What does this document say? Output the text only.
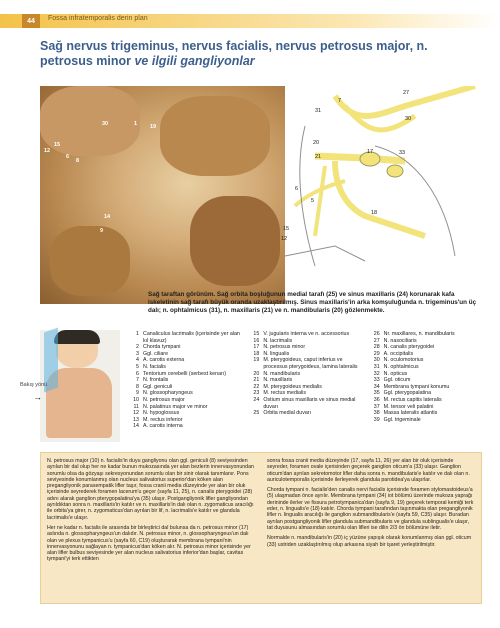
44	Fossa infratemporalis derin plan
Sağ nervus trigeminus, nervus facialis, nervus petrosus major, n. petrosus minor ve ilgili gangliyonlar
30	1 19
12
15
6
8
14
9
7
31
27
30
20
17	33
21
6
5
18
15
12
Sağ taraftan görünüm. Sağ orbita boşluğunun medial tarafı (25) ve sinus maxillaris (24) korunarak kafa iskeletinin sağ tarafı büyük oranda uzaklaştırılmış. Sinus maxillaris'in arka komşuluğunda n. trigeminus'un üç dalı; n. ophtalmicus (31), n. maxillaris (21) ve n. mandibularis (20) gözlenmekte.
Bakış yönü
→
1 Canaliculus lacrimalis (içerisinde yer alan kıl klavuz)
2 Chorda tympani
3 Ggl. ciliare
4 A. carotis externa
5 N. facialis
6 Tentorium cerebelli (serbest kenarı)
7 N. frontalis
8 Ggl. geniculi
9 N. glossopharyngeus
10 N. petrosus major
11 N. palatinus major ve minor
12 N. hypoglossus
13 M. rectus inferior
14 A. carotis interna
15 V. jugularis interna ve n. accessorius
16 N. lacrimalis
17 N. petrosus minor
18 N. lingualis
19 M. pterygoideus, caput inferius ve processus pterygoideus, lamina lateralis
20 N. mandibularis
21 N. maxillaris
22 M. pterygoideus medialis
23 M. rectus medialis
24 Ostium sinus maxillaris ve sinus medial duvarı
25 Orbita medial duvarı
26 Nr. maxillares, n. mandibularis
27 N. nasociliaris
28 N. canalis pterygoidei
29 A. occipitalis
30 N. oculomotorius
31 N. ophtalmicus
32 N. opticus
33 Ggl. oticum
34 Membrana tympani konumu
35 Ggl. pterygopalatina
36 M. rectus capitis lateralis
37 M. tensor veli palatini
38 Massa lateralis atlantis
39 Ggl. trigeminale

N. petrosus major (10) n. facialis'in duyu gangliyonu olan ggl. geniculi (8) seviyesinden ayrılan bir dal olup her ne kadar bunun mukozasında yer alan bezlerin innervasyonundan sorumlu olsa da gözyaşı sekresyonundan sorumlu olan bir sinir olarak tanımlanır. Pons seviyesinde konumlanmış olan nucleus salivatorius superior'dan köken alan pregangliyonik parasempatik lifler taşır, fossa cranii media düzeyinde yer alan bir oluk içerisinde seyrederek foramen lacerum'u geçer (sayfa 11, 25), n. canalis pterygoidei (28) adını alarak ganglion pterygopalatina'ya (35) ulaşır. Postgangliyonik lifler gangliyondan ayrıldıktan sonra n. maxillaris'in katılır ve n. maxillaris'in dalı olan n. zygomaticus aracılığı ile orbita'ya girer, n. zygomaticus'dan ayrılan bir lif, n. lacrimalis'e katılır ve glandula lacrimalis'e ulaşır.

Her ne kadar n. facialis ile arasında bir birleştirici dal bulunsa da n. petrosus minor (17) aslında n. glossopharyngeus'un dalıdır. N. petrosus minor, n. glossopharyngeus'un dalı olan ve plexus tympanicus'u (sayfa 60, C19) oluşturarak membrana tympani'nin innervasyonunu sağlayan n. tympanicus'dan köken alır. N. petrosus minor içerisinde yer alan lifler bulbus seviyesinde yer alan nucleus salivatorius inferior'dan başlar, cavitas tympani'yi terk ettikten

sonra fossa cranii media düzeyinde (17, sayfa 11, 26) yer alan bir oluk içerisinde seyreder, foramen ovale içerisinden geçerek ganglion oticum'a (33) ulaşır. Ganglion oticum'dan ayrılan sekretomotor lifler daha sonra n. mandibularis'e katılır ve dalı olan n. auriculotemporalis içerisinde ilerleyerek glandula parotidea'ya ulaşırlar.

Chorda tympani n. facialis'den canalis nervi facialis içerisinde foramen stylomastoideus'a (5) ulaşmadan önce ayrılır. Membrana tympani (34) iot bölümü üzerinde mukoza yaprağı derininde ilerler ve fissura petrotympanica'dan (sayfa 9, 19) geçerek temporal kemiği terk eder, n. lingualis'e (18) katılır. Chorda tympani tarafından taşınmakta olan pregangliyonik lifler n. lingualis aracılığı ile ganglion submandibularis'e (sayfa 59, C35) ulaşır. Buradan ayrılan postgangliyonik lifler glandula submandibularis ve glandula sublingualis'e ulaşır, tat duyusunu almasından sorumlu olan lifleri ise dilin 2/3 ön bölümüne iletir.

Normalde n. mandibularis'in (20) iç yüzüne yapışık olarak konumlanmış olan ggl. oticum (33) ustriden uzaklaştırılmış olup arkasına siyah bir işaret yerleştirilmiştir.
